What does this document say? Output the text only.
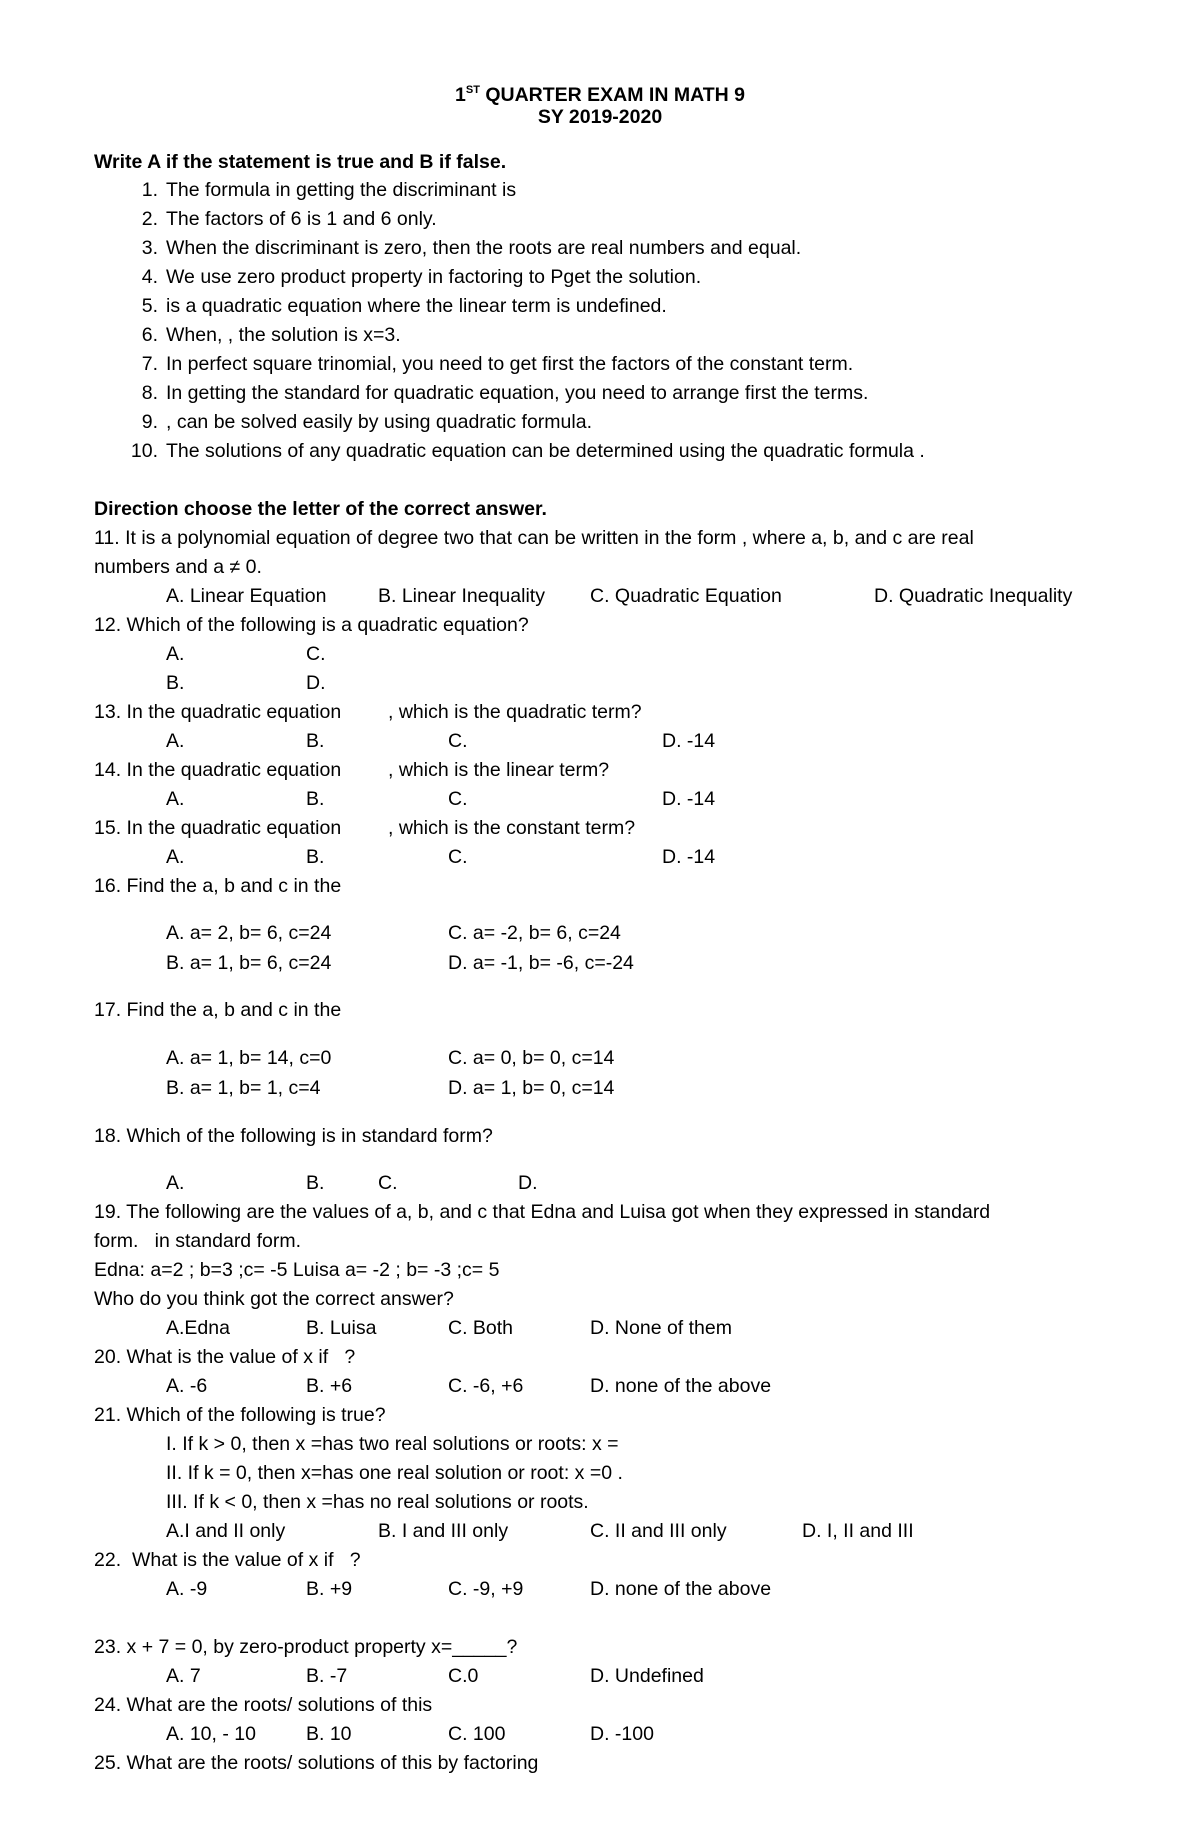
1ST QUARTER EXAM IN MATH 9
SY 2019-2020
Write A if the statement is true and B if false.
1. The formula in getting the discriminant is
2. The factors of 6 is 1 and 6 only.
3. When the discriminant is zero, then the roots are real numbers and equal.
4. We use zero product property in factoring to Pget the solution.
5. is a quadratic equation where the linear term is undefined.
6. When, , the solution is x=3.
7. In perfect square trinomial, you need to get first the factors of the constant term.
8. In getting the standard for quadratic equation, you need to arrange first the terms.
9. , can be solved easily by using quadratic formula.
10. The solutions of any quadratic equation can be determined using the quadratic formula .
Direction choose the letter of the correct answer.
11. It is a polynomial equation of degree two that can be written in the form , where a, b, and c are real
numbers and a ≠ 0.
A. Linear Equation	B. Linear Inequality C. Quadratic Equation	D. Quadratic Inequality
12. Which of the following is a quadratic equation?
A.	C.
B.	D.
13. In the quadratic equation , which is the quadratic term?
A.	B.	C.	D. -14
14. In the quadratic equation , which is the linear term?
A.	B.	C.	D. -14
15. In the quadratic equation , which is the constant term?
A.	B.	C.	D. -14
16. Find the a, b and c in the
A. a= 2, b= 6, c=24	C. a= -2, b= 6, c=24
B. a= 1, b= 6, c=24	D. a= -1, b= -6, c=-24
17. Find the a, b and c in the
A. a= 1, b= 14, c=0	C. a= 0, b= 0, c=14
B. a= 1, b= 1, c=4	D. a= 1, b= 0, c=14
18. Which of the following is in standard form?
A.	B.	C.	D.
19. The following are the values of a, b, and c that Edna and Luisa got when they expressed in standard
form.   in standard form.
Edna: a=2 ; b=3 ;c= -5 Luisa a= -2 ; b= -3 ;c= 5
Who do you think got the correct answer?
A.Edna	B. Luisa	C. Both	D. None of them
20. What is the value of x if   ?
A. -6	B. +6	C. -6, +6	D. none of the above
21. Which of the following is true?
I. If k > 0, then x =has two real solutions or roots: x =
II. If k = 0, then x=has one real solution or root: x =0 .
III. If k < 0, then x =has no real solutions or roots.
A.I and II only	B. I and III only	C. II and III only	D. I, II and III
22.  What is the value of x if   ?
A. -9	B. +9	C. -9, +9	D. none of the above
23. x + 7 = 0, by zero-product property x=_____?
A. 7	B. -7	C.0	D. Undefined
24. What are the roots/ solutions of this
A. 10, - 10	B. 10	C. 100	D. -100
25. What are the roots/ solutions of this by factoring
